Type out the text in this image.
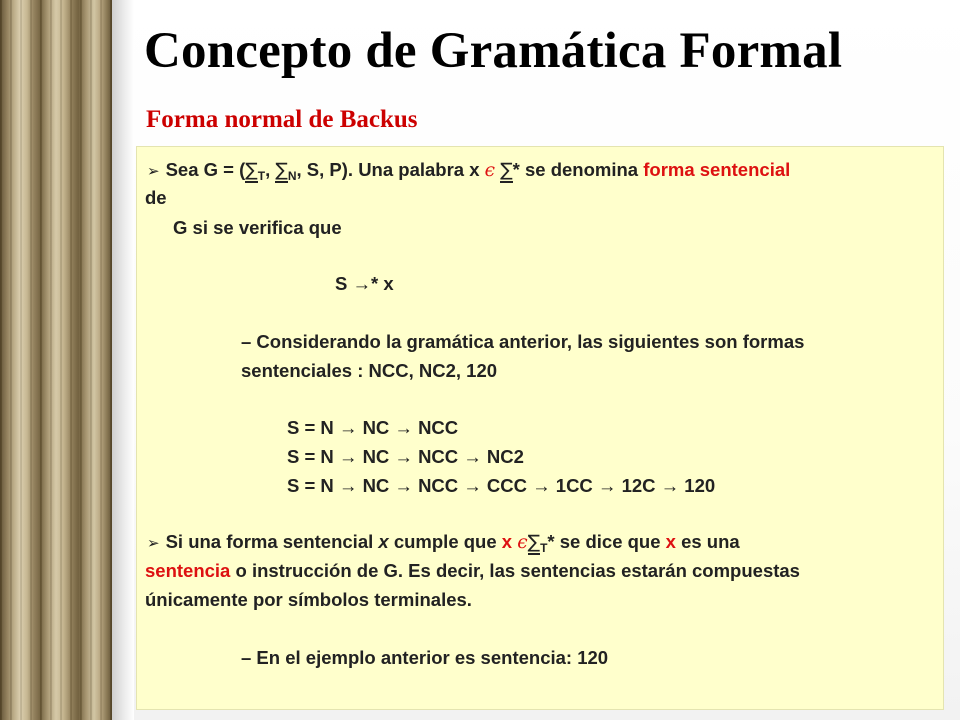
Concepto de Gramática Formal
Forma normal de Backus
➢ Sea $G = (\sum_T$, $\sum_N$, S, P). Una palabra x ϵ ∑* se denominа forma sentencial
de
G si se verifica que
S →* x
– Considerando la gramática anterior, las siguientes son formas
sentenciales : NCC, NC2, 120
S = N → NC → NCC
S = N → NC → NCC → NC2
S = N → NC → NCC → CCC → 1CC → 12C → 120
➢ Si una forma sentencial x cumple que x $\epsilon\sum_T*$ se dice que x es una
sentencia o instrucción de G. Es decir, las sentencias estarán compuestas
únicamente por símbolos terminales.
– En el ejemplo anterior es sentencia: 120
